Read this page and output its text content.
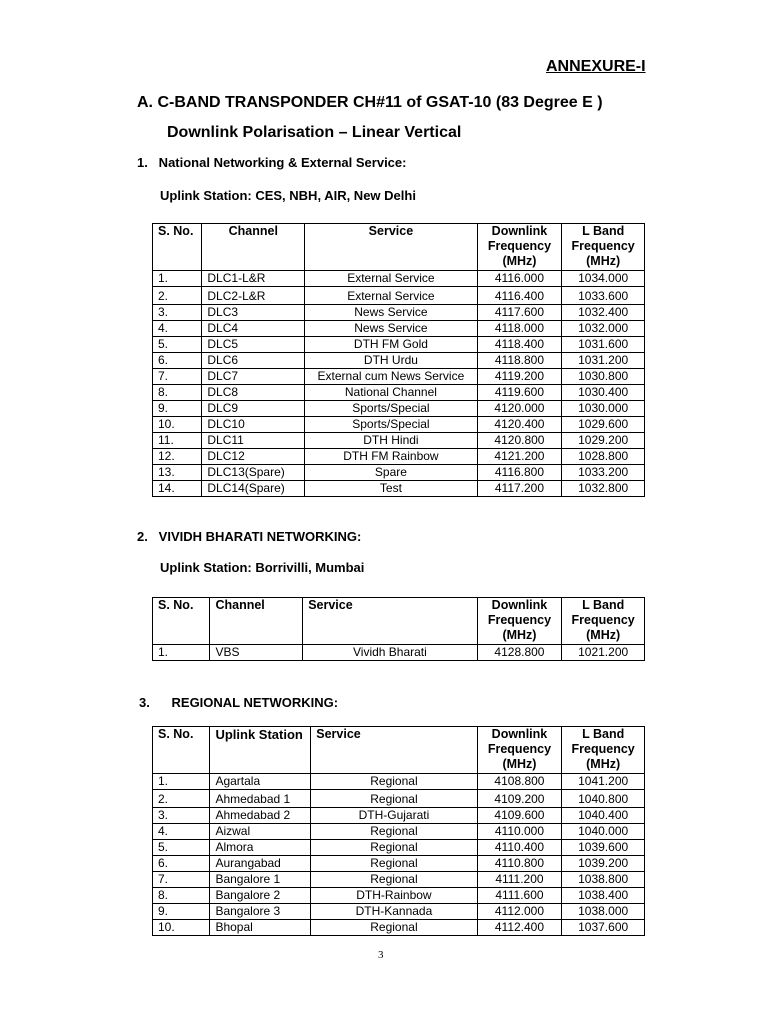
ANNEXURE-I
A. C-BAND TRANSPONDER CH#11 of GSAT-10 (83 Degree E )
Downlink Polarisation – Linear Vertical
1.   National Networking & External Service:
Uplink Station: CES, NBH, AIR, New Delhi
S. No.	Channel	Service	Downlink Frequency (MHz)	L Band Frequency (MHz)
1.	DLC1-L&R	External Service	4116.000	1034.000
2.	DLC2-L&R	External Service	4116.400	1033.600
3.	DLC3	News Service	4117.600	1032.400
4.	DLC4	News Service	4118.000	1032.000
5.	DLC5	DTH FM Gold	4118.400	1031.600
6.	DLC6	DTH Urdu	4118.800	1031.200
7.	DLC7	External cum News Service	4119.200	1030.800
8.	DLC8	National Channel	4119.600	1030.400
9.	DLC9	Sports/Special	4120.000	1030.000
10.	DLC10	Sports/Special	4120.400	1029.600
11.	DLC11	DTH Hindi	4120.800	1029.200
12.	DLC12	DTH FM Rainbow	4121.200	1028.800
13.	DLC13(Spare)	Spare	4116.800	1033.200
14.	DLC14(Spare)	Test	4117.200	1032.800
2.   VIVIDH BHARATI NETWORKING:
Uplink Station: Borrivilli, Mumbai
S. No.	Channel	Service	Downlink Frequency (MHz)	L Band Frequency (MHz)
1.	VBS	Vividh Bharati	4128.800	1021.200
3.      REGIONAL NETWORKING:
S. No.	Uplink Station	Service	Downlink Frequency (MHz)	L Band Frequency (MHz)
1.	Agartala	Regional	4108.800	1041.200
2.	Ahmedabad 1	Regional	4109.200	1040.800
3.	Ahmedabad 2	DTH-Gujarati	4109.600	1040.400
4.	Aizwal	Regional	4110.000	1040.000
5.	Almora	Regional	4110.400	1039.600
6.	Aurangabad	Regional	4110.800	1039.200
7.	Bangalore 1	Regional	4111.200	1038.800
8.	Bangalore 2	DTH-Rainbow	4111.600	1038.400
9.	Bangalore 3	DTH-Kannada	4112.000	1038.000
10.	Bhopal	Regional	4112.400	1037.600
3
